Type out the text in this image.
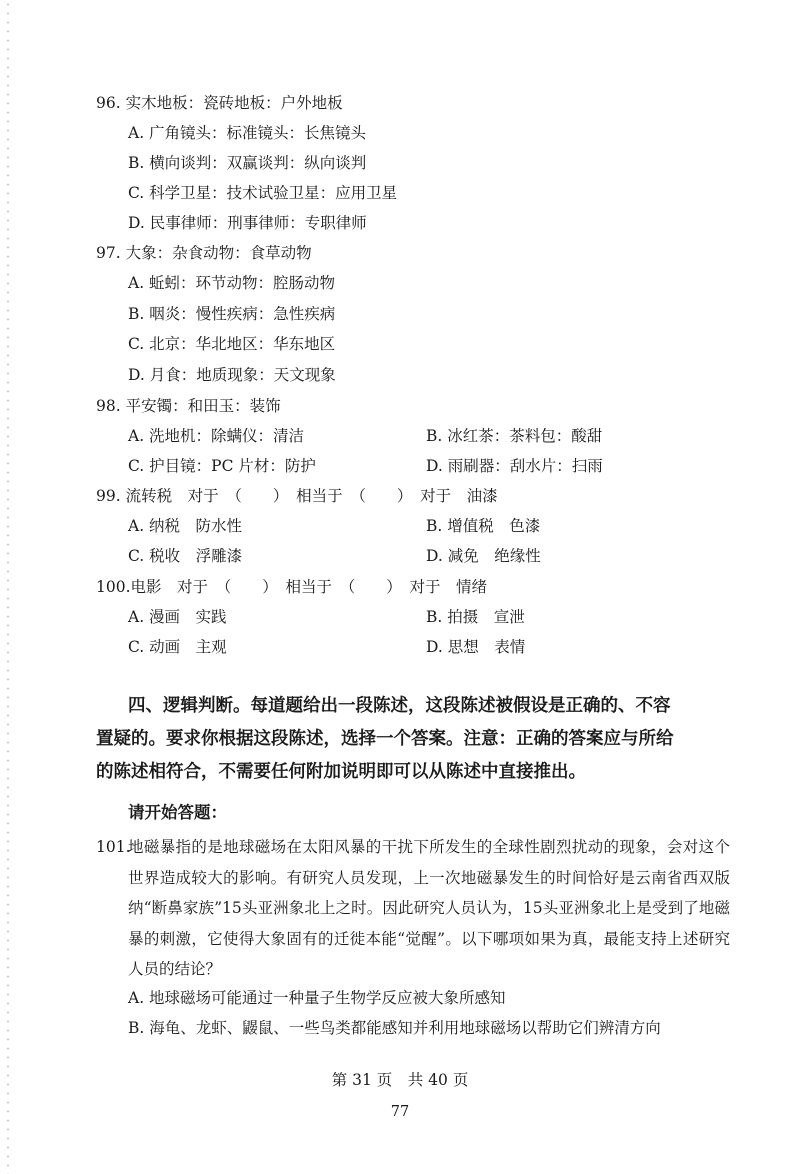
96. 实木地板：瓷砖地板：户外地板
A. 广角镜头：标准镜头：长焦镜头
B. 横向谈判：双赢谈判：纵向谈判
C. 科学卫星：技术试验卫星：应用卫星
D. 民事律师：刑事律师：专职律师
97. 大象：杂食动物：食草动物
A. 蚯蚓：环节动物：腔肠动物
B. 咽炎：慢性疾病：急性疾病
C. 北京：华北地区：华东地区
D. 月食：地质现象：天文现象
98. 平安镯：和田玉：装饰
A. 洗地机：除螨仪：清洁	B. 冰红茶：茶料包：酸甜
C. 护目镜：PC 片材：防护	D. 雨刷器：刮水片：扫雨
99. 流转税　对于　（　　）　相当于　（　　）　对于　油漆
A. 纳税　防水性	B. 增值税　色漆
C. 税收　浮雕漆	D. 减免　绝缘性
100.电影　对于　（　　）　相当于　（　　）　对于　情绪
A. 漫画　实践	B. 拍摄　宣泄
C. 动画　主观	D. 思想　表情
四、逻辑判断。每道题给出一段陈述，这段陈述被假设是正确的、不容
置疑的。要求你根据这段陈述，选择一个答案。注意：正确的答案应与所给
的陈述相符合，不需要任何附加说明即可以从陈述中直接推出。
请开始答题：
101.
地磁暴指的是地球磁场在太阳风暴的干扰下所发生的全球性剧烈扰动的现象，会对这个世界造成较大的影响。有研究人员发现，上一次地磁暴发生的时间恰好是云南省西双版纳“断鼻家族”15头亚洲象北上之时。因此研究人员认为，15头亚洲象北上是受到了地磁暴的刺激，它使得大象固有的迁徙本能“觉醒”。以下哪项如果为真，最能支持上述研究人员的结论？
A. 地球磁场可能通过一种量子生物学反应被大象所感知
B. 海龟、龙虾、鼹鼠、一些鸟类都能感知并利用地球磁场以帮助它们辨清方向
第 31 页　共 40 页
77
